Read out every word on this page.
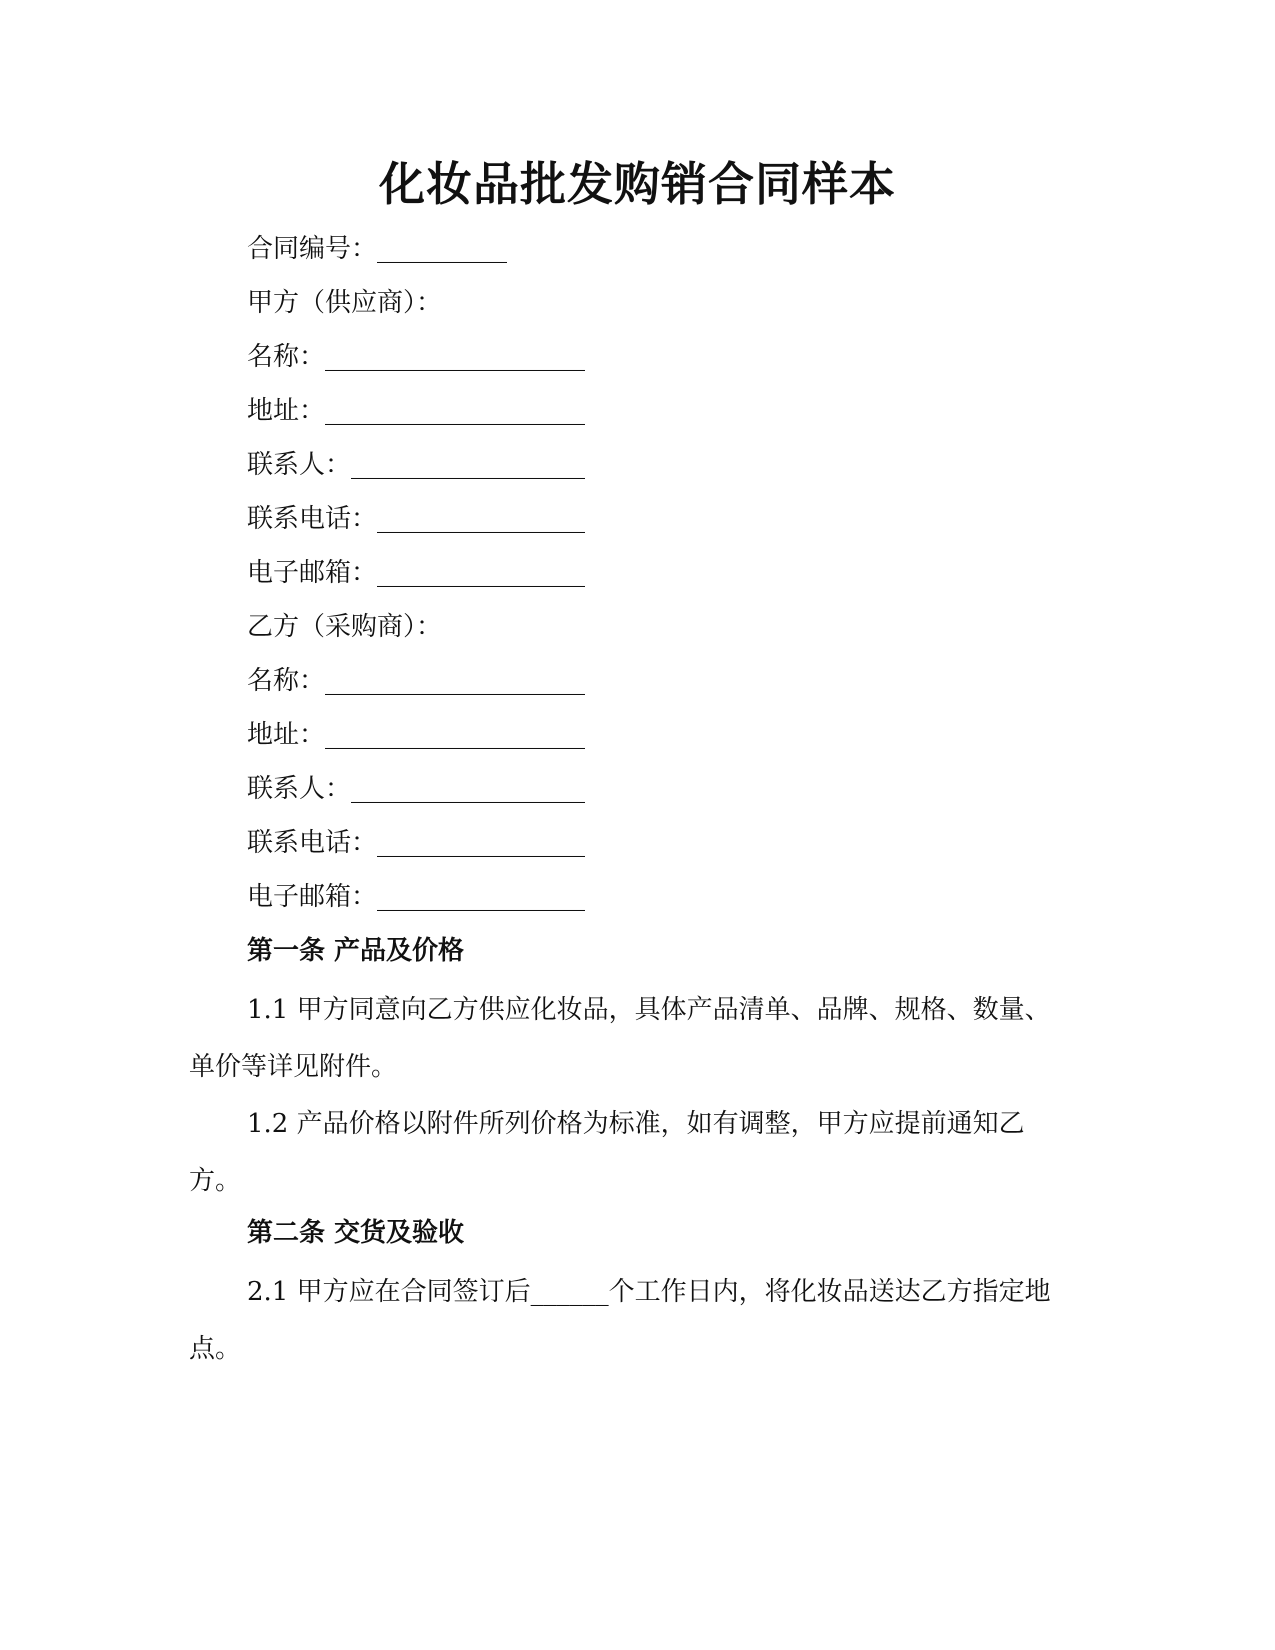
化妆品批发购销合同样本
合同编号：__________
甲方（供应商）：
名称：____________________
地址：____________________
联系人：__________________
联系电话：________________
电子邮箱：________________
乙方（采购商）：
名称：____________________
地址：____________________
联系人：__________________
联系电话：________________
电子邮箱：________________
第一条 产品及价格
1.1 甲方同意向乙方供应化妆品，具体产品清单、品牌、规格、数量、单价等详见附件。
1.2 产品价格以附件所列价格为标准，如有调整，甲方应提前通知乙方。
第二条 交货及验收
2.1 甲方应在合同签订后______个工作日内，将化妆品送达乙方指定地点。
